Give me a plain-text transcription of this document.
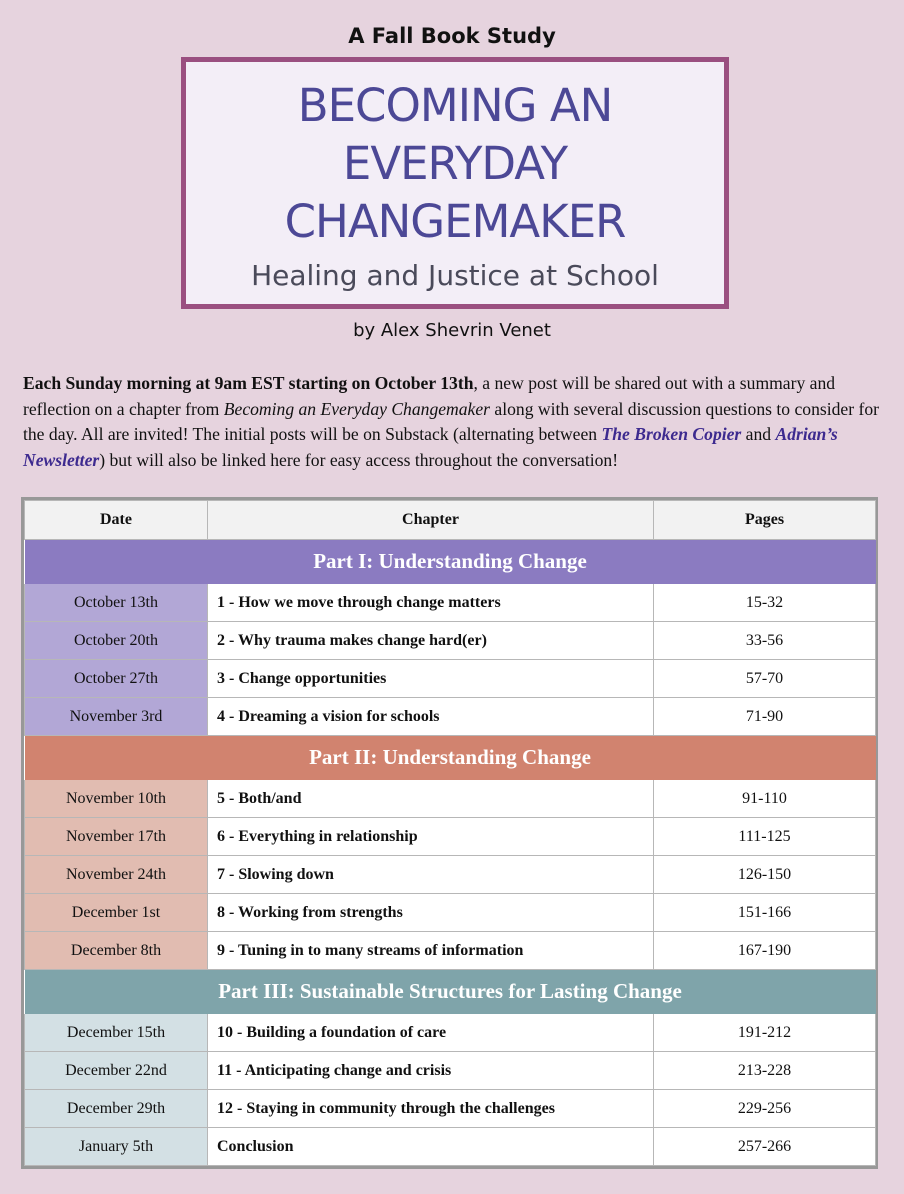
A Fall Book Study
BECOMING AN
EVERYDAY
CHANGEMAKER
Healing and Justice at School
by Alex Shevrin Venet
Each Sunday morning at 9am EST starting on October 13th, a new post will be shared out with a summary and reflection on a chapter from Becoming an Everyday Changemaker along with several discussion questions to consider for the day. All are invited! The initial posts will be on Substack (alternating between The Broken Copier and Adrian’s Newsletter) but will also be linked here for easy access throughout the conversation!
Date	Chapter	Pages
Part I: Understanding Change		
October 13th	1 - How we move through change matters	15-32
October 20th	2 - Why trauma makes change hard(er)	33-56
October 27th	3 - Change opportunities	57-70
November 3rd	4 - Dreaming a vision for schools	71-90
Part II: Understanding Change		
November 10th	5 - Both/and	91-110
November 17th	6 - Everything in relationship	111-125
November 24th	7 - Slowing down	126-150
December 1st	8 - Working from strengths	151-166
December 8th	9 - Tuning in to many streams of information	167-190
Part III: Sustainable Structures for Lasting Change		
December 15th	10 - Building a foundation of care	191-212
December 22nd	11 - Anticipating change and crisis	213-228
December 29th	12 - Staying in community through the challenges	229-256
January 5th	Conclusion	257-266
